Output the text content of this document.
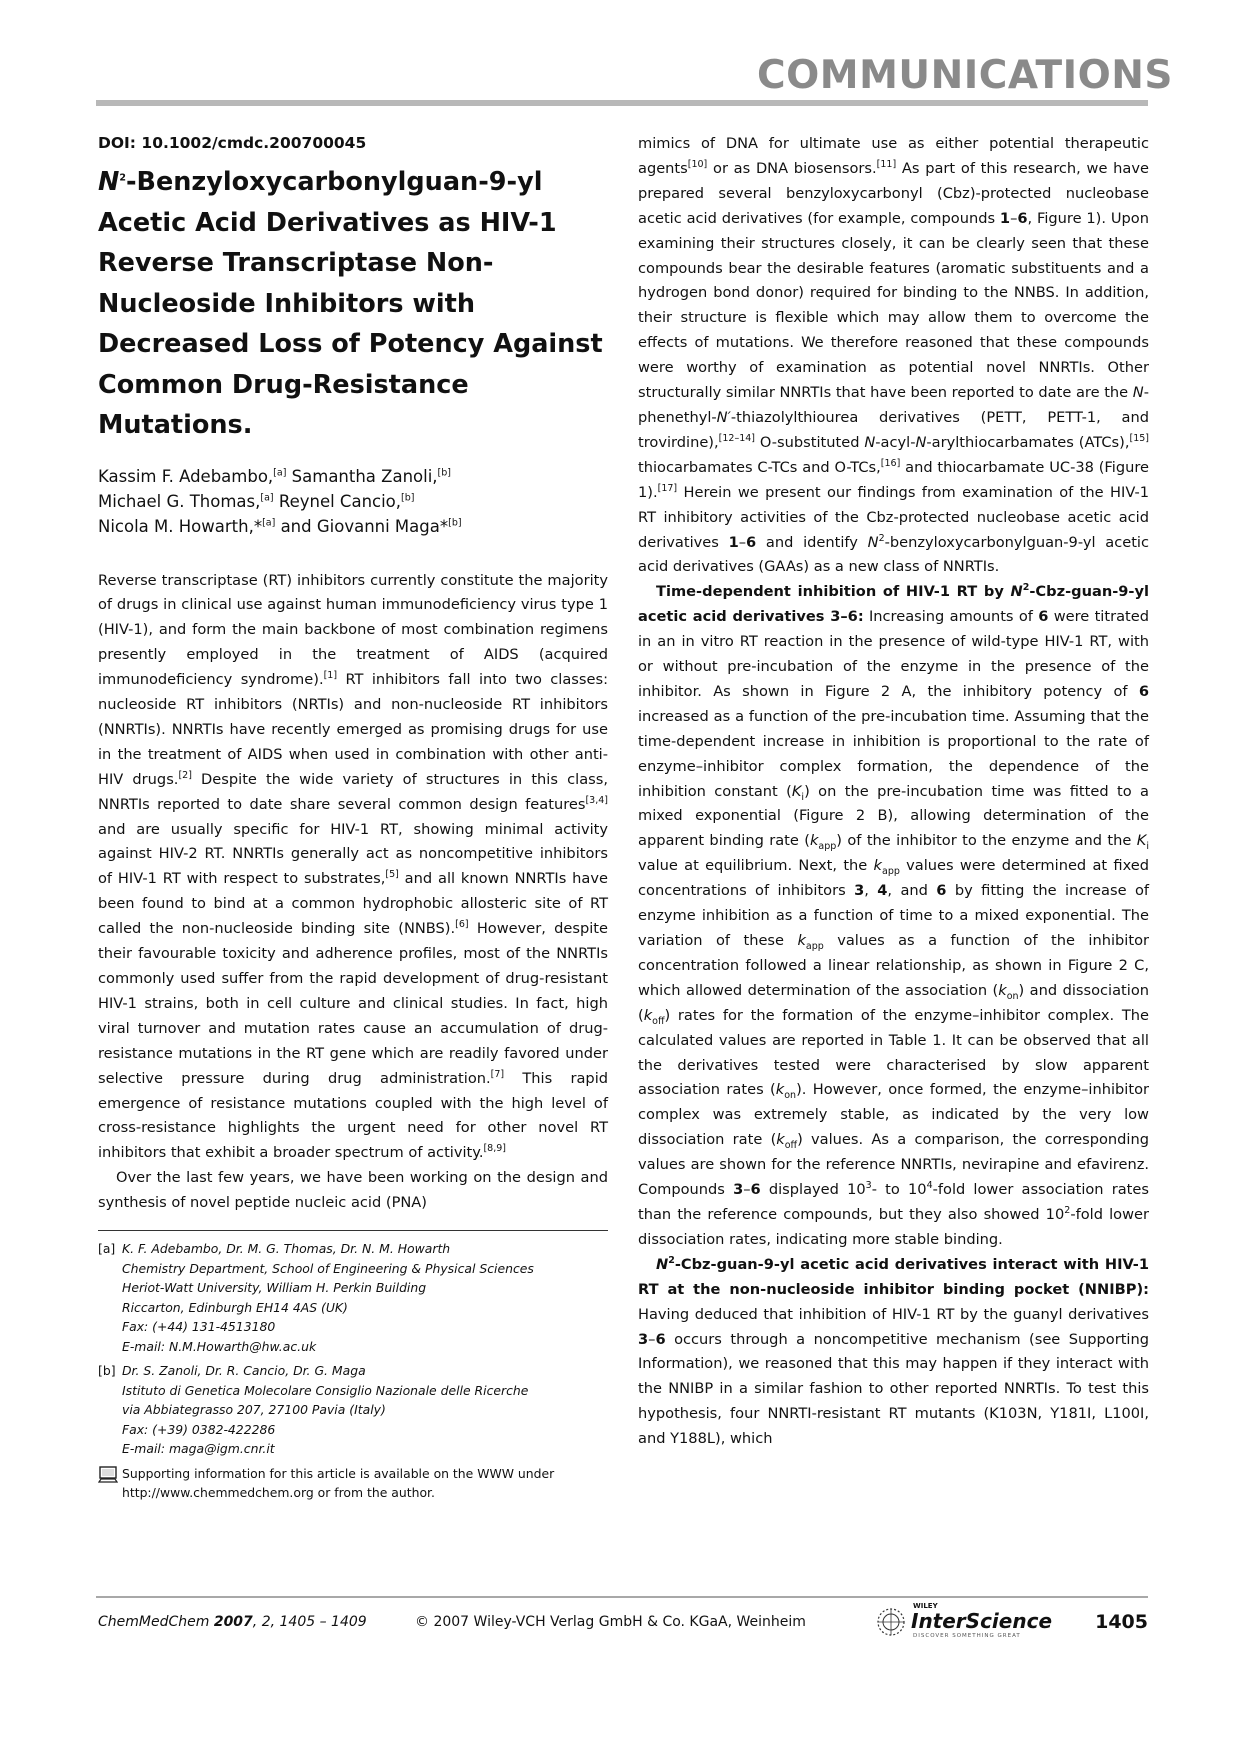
COMMUNICATIONS
DOI: 10.1002/cmdc.200700045
$N^2-Benzyloxycarbonylguan-9-yl$ Acetic Acid Derivatives as HIV-1 Reverse Transcriptase Non-Nucleoside Inhibitors with Decreased Loss of Potency Against Common Drug-Resistance Mutations.
Kassim F. Adebambo,[a] Samantha Zanoli,[b]
Michael G. Thomas,[a] Reynel Cancio,[b]
Nicola M. Howarth,*[a] and Giovanni Maga*[b]

Reverse transcriptase (RT) inhibitors currently constitute the majority of drugs in clinical use against human immunodeficiency virus type 1 (HIV-1), and form the main backbone of most combination regimens presently employed in the treatment of AIDS (acquired immunodeficiency syndrome).[1] RT inhibitors fall into two classes: nucleoside RT inhibitors (NRTIs) and non-nucleoside RT inhibitors (NNRTIs). NNRTIs have recently emerged as promising drugs for use in the treatment of AIDS when used in combination with other anti-HIV drugs.[2] Despite the wide variety of structures in this class, NNRTIs reported to date share several common design features[3,4] and are usually specific for HIV-1 RT, showing minimal activity against HIV-2 RT. NNRTIs generally act as noncompetitive inhibitors of HIV-1 RT with respect to substrates,[5] and all known NNRTIs have been found to bind at a common hydrophobic allosteric site of RT called the non-nucleoside binding site (NNBS).[6] However, despite their favourable toxicity and adherence profiles, most of the NNRTIs commonly used suffer from the rapid development of drug-resistant HIV-1 strains, both in cell culture and clinical studies. In fact, high viral turnover and mutation rates cause an accumulation of drug-resistance mutations in the RT gene which are readily favored under selective pressure during drug administration.[7] This rapid emergence of resistance mutations coupled with the high level of cross-resistance highlights the urgent need for other novel RT inhibitors that exhibit a broader spectrum of activity.[8,9]

Over the last few years, we have been working on the design and synthesis of novel peptide nucleic acid (PNA)

[a] K. F. Adebambo, Dr. M. G. Thomas, Dr. N. M. Howarth
Chemistry Department, School of Engineering & Physical Sciences
Heriot-Watt University, William H. Perkin Building
Riccarton, Edinburgh EH14 4AS (UK)
Fax: (+44) 131-4513180
E-mail: N.M.Howarth@hw.ac.uk
[b] Dr. S. Zanoli, Dr. R. Cancio, Dr. G. Maga
Istituto di Genetica Molecolare Consiglio Nazionale delle Ricerche
via Abbiategrasso 207, 27100 Pavia (Italy)
Fax: (+39) 0382-422286
E-mail: maga@igm.cnr.it
Supporting information for this article is available on the WWW under http://www.chemmedchem.org or from the author.

mimics of DNA for ultimate use as either potential therapeutic agents[10] or as DNA biosensors.[11] As part of this research, we have prepared several benzyloxycarbonyl (Cbz)-protected nucleobase acetic acid derivatives (for example, compounds 1–6, Figure 1). Upon examining their structures closely, it can be clearly seen that these compounds bear the desirable features (aromatic substituents and a hydrogen bond donor) required for binding to the NNBS. In addition, their structure is flexible which may allow them to overcome the effects of mutations. We therefore reasoned that these compounds were worthy of examination as potential novel NNRTIs. Other structurally similar NNRTIs that have been reported to date are the N-phenethyl-N′-thiazolylthiourea derivatives (PETT, PETT-1, and trovirdine),[12–14] O-substituted N-acyl-N-arylthiocarbamates (ATCs),[15] thiocarbamates C-TCs and O-TCs,[16] and thiocarbamate UC-38 (Figure 1).[17] Herein we present our findings from examination of the HIV-1 RT inhibitory activities of the Cbz-protected nucleobase acetic acid derivatives 1–6 and identify $N^2-benzyloxycarbonylguan-9-yl$ acetic acid derivatives (GAAs) as a new class of NNRTIs.

Time-dependent inhibition of HIV-1 RT by $N^2-Cbz-guan-9-yl$ acetic acid derivatives 3–6: Increasing amounts of 6 were titrated in an in vitro RT reaction in the presence of wild-type HIV-1 RT, with or without pre-incubation of the enzyme in the presence of the inhibitor. As shown in Figure 2 A, the inhibitory potency of 6 increased as a function of the pre-incubation time. Assuming that the time-dependent increase in inhibition is proportional to the rate of enzyme–inhibitor complex formation, the dependence of the inhibition constant $(K_i)$ on the pre-incubation time was fitted to a mixed exponential (Figure 2 B), allowing determination of the apparent binding rate $(k_{app})$ of the inhibitor to the enzyme and the $K_i$ value at equilibrium. Next, the $k_{app}$ values were determined at fixed concentrations of inhibitors 3, 4, and 6 by fitting the increase of enzyme inhibition as a function of time to a mixed exponential. The variation of these $k_{app}$ values as a function of the inhibitor concentration followed a linear relationship, as shown in Figure 2 C, which allowed determination of the association $(k_{on})$ and dissociation $(k_{off})$ rates for the formation of the enzyme–inhibitor complex. The calculated values are reported in Table 1. It can be observed that all the derivatives tested were characterised by slow apparent association rates $(k_{on})$. However, once formed, the enzyme–inhibitor complex was extremely stable, as indicated by the very low dissociation rate $(k_{off})$ values. As a comparison, the corresponding values are shown for the reference NNRTIs, nevirapine and efavirenz. Compounds 3–6 displayed $10^3-$ to $10^4$-fold lower association rates than the reference compounds, but they also showed $10^2$-fold lower dissociation rates, indicating more stable binding.

$N^2-Cbz-guan-9-yl$ acetic acid derivatives interact with HIV-1 RT at the non-nucleoside inhibitor binding pocket (NNIBP): Having deduced that inhibition of HIV-1 RT by the guanyl derivatives 3–6 occurs through a noncompetitive mechanism (see Supporting Information), we reasoned that this may happen if they interact with the NNIBP in a similar fashion to other reported NNRTIs. To test this hypothesis, four NNRTI-resistant RT mutants (K103N, Y181I, L100I, and Y188L), which

ChemMedChem 2007, 2, 1405 – 1409	© 2007 Wiley-VCH Verlag GmbH & Co. KGaA, Weinheim
WILEY
InterScience
DISCOVER SOMETHING GREAT
1405
